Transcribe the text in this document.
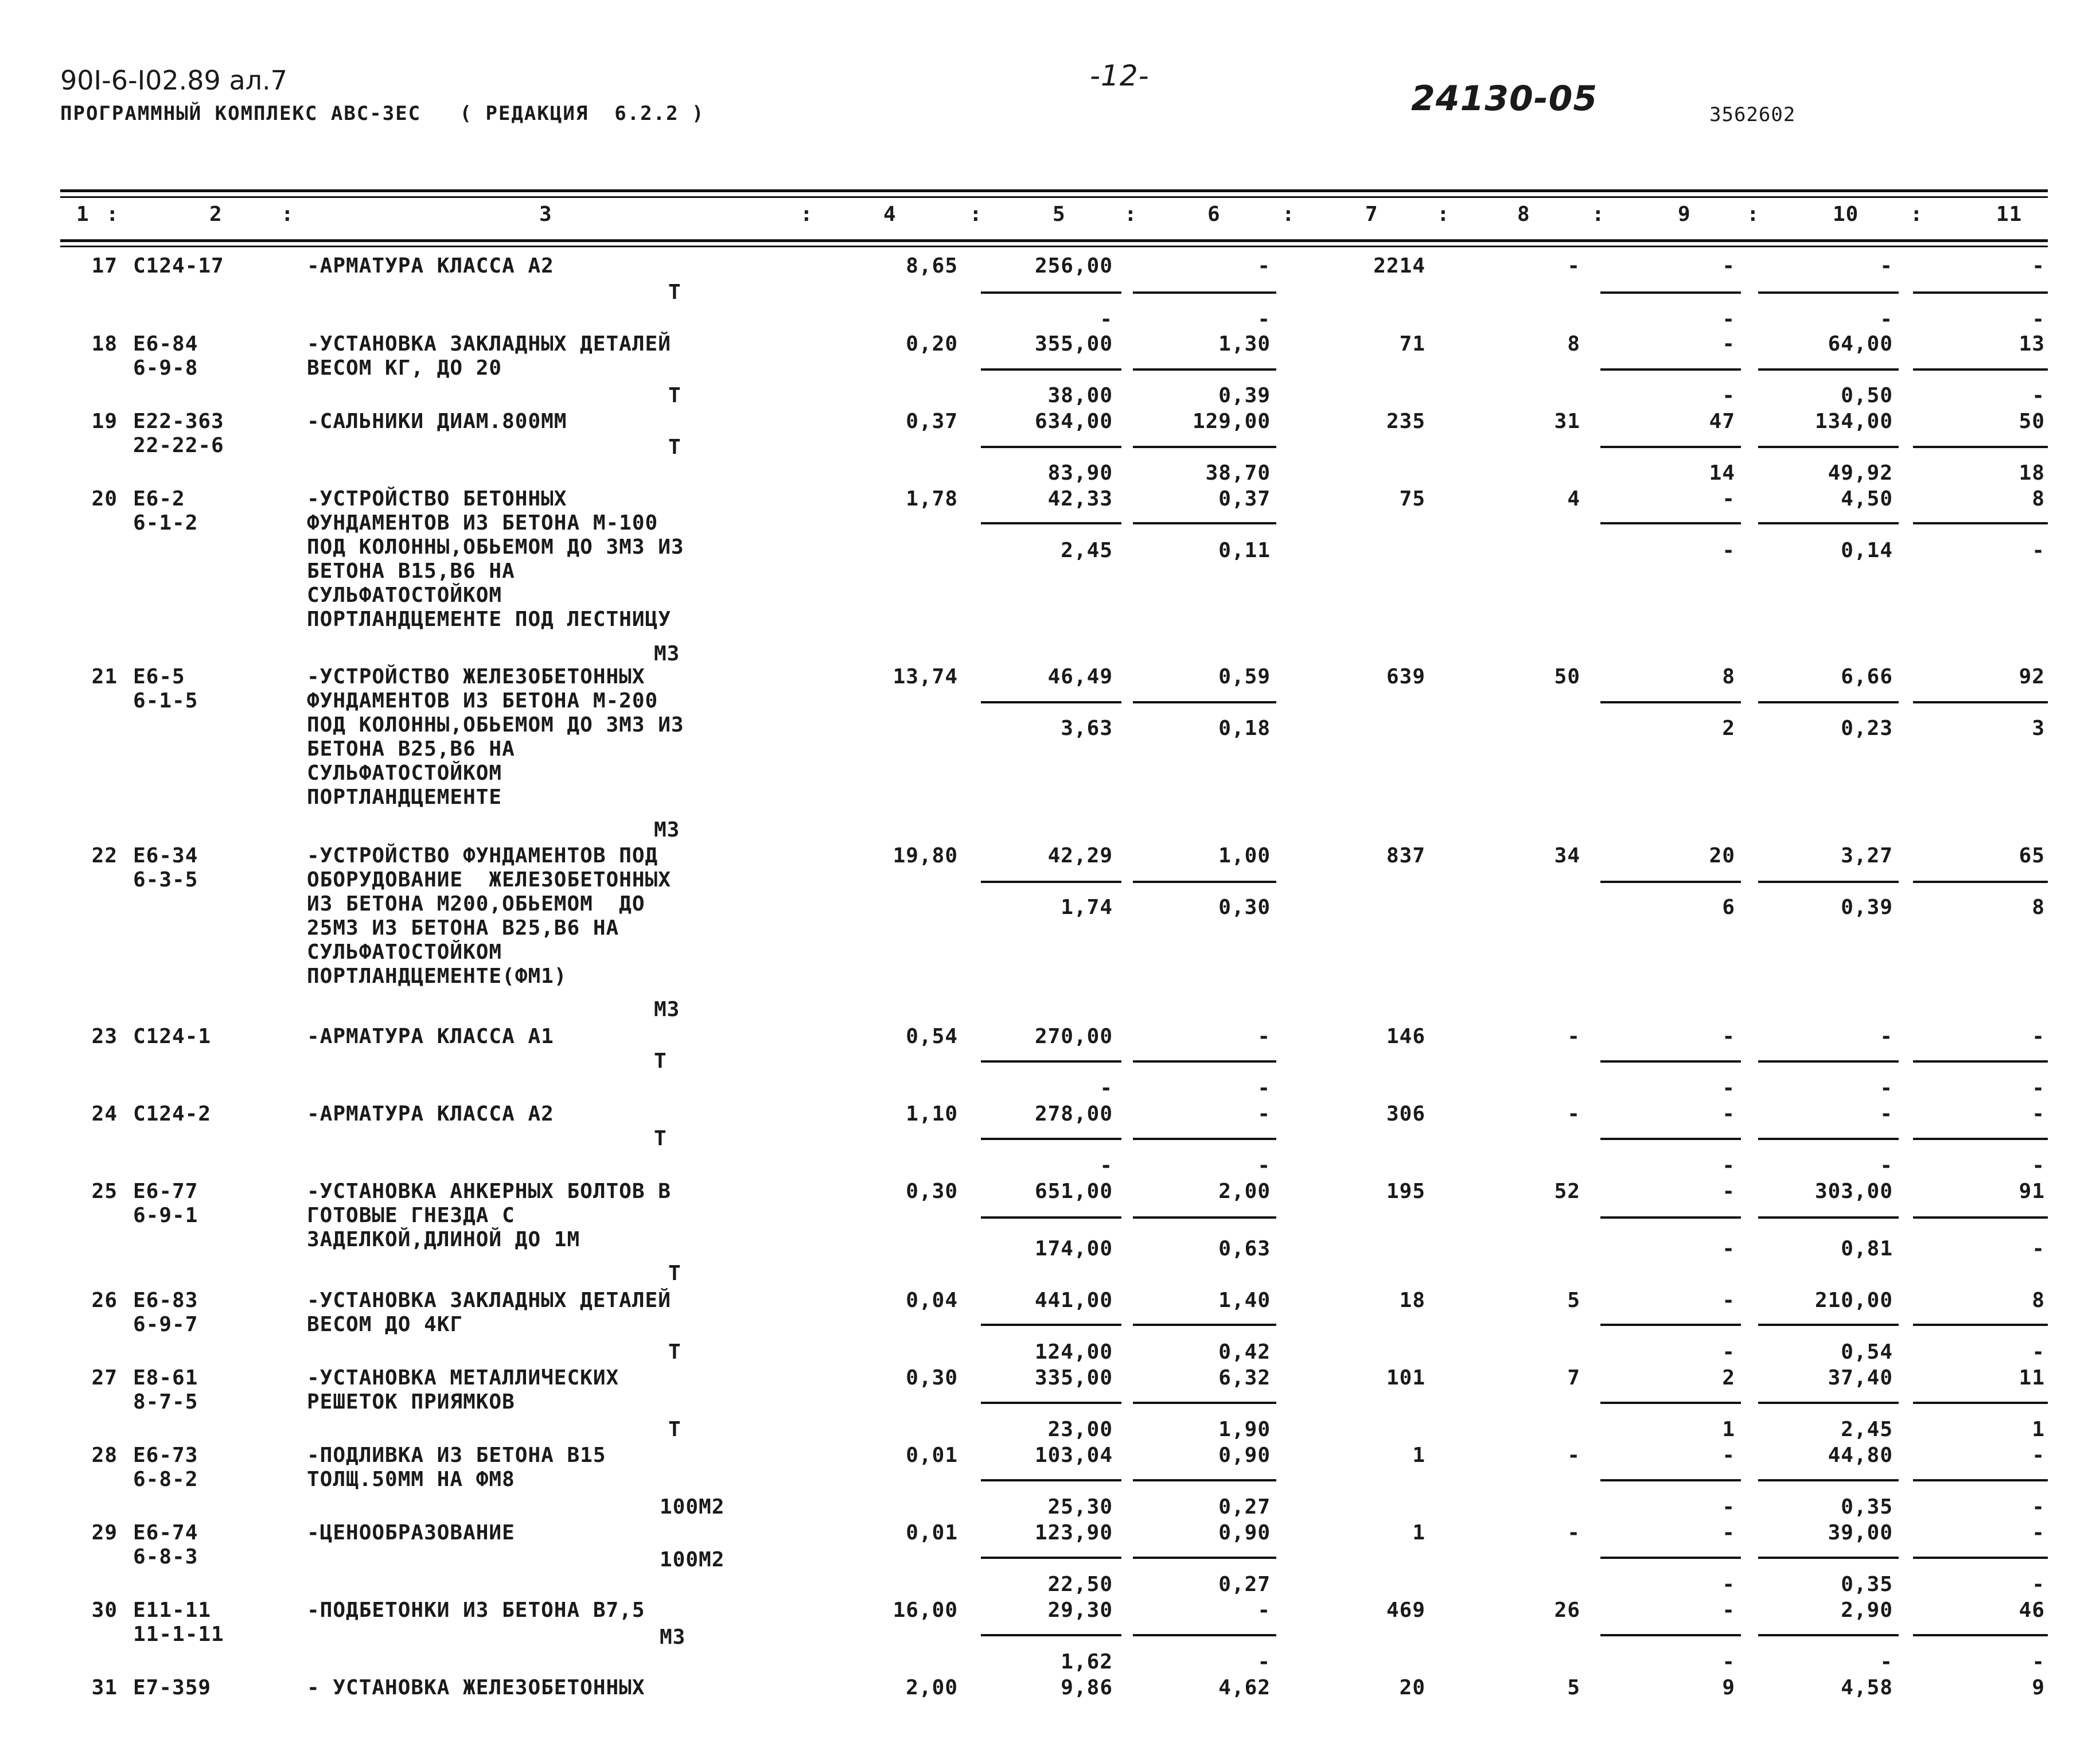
90I-6-I02.89 ал.7
ПРОГРАММНЫЙ КОМПЛЕКС АВС-3ЕС   ( РЕДАКЦИЯ  6.2.2 )
-12-
24130-05	3562602
1	2	3	4	5	6	7	8	9	10	11
:	:	:	:	:	:	:	:	:	:
17 С124-17	-АРМАТУРА КЛАССА А2
Т
8,65	256,00	-	2214	-	-	-	-
-	-	-	-	-
18 Е6-84
6-9-8
-УСТАНОВКА ЗАКЛАДНЫХ ДЕТАЛЕЙ
ВЕСОМ КГ, ДО 20
Т
0,20	355,00	1,30	71	8	-	64,00	13
38,00	0,39	-	0,50	-
19 Е22-363
22-22-6
-САЛЬНИКИ ДИАМ.800ММ
Т
0,37	634,00	129,00	235	31	47	134,00	50
83,90	38,70	14	49,92	18
20 Е6-2
6-1-2
-УСТРОЙСТВО БЕТОННЫХ
ФУНДАМЕНТОВ ИЗ БЕТОНА М-100
ПОД КОЛОННЫ,ОБЬЕМОМ ДО 3М3 ИЗ
БЕТОНА В15,В6 НА
СУЛЬФАТОСТОЙКОМ
ПОРТЛАНДЦЕМЕНТЕ ПОД ЛЕСТНИЦУ
М3
1,78	42,33	0,37	75	4	-	4,50	8
2,45	0,11	-	0,14	-
21 Е6-5
6-1-5
-УСТРОЙСТВО ЖЕЛЕЗОБЕТОННЫХ
ФУНДАМЕНТОВ ИЗ БЕТОНА М-200
ПОД КОЛОННЫ,ОБЬЕМОМ ДО 3М3 ИЗ
БЕТОНА В25,В6 НА
СУЛЬФАТОСТОЙКОМ
ПОРТЛАНДЦЕМЕНТЕ
М3
13,74	46,49	0,59	639	50	8	6,66	92
3,63	0,18	2	0,23	3
22 Е6-34
6-3-5
-УСТРОЙСТВО ФУНДАМЕНТОВ ПОД
ОБОРУДОВАНИЕ  ЖЕЛЕЗОБЕТОННЫХ
ИЗ БЕТОНА М200,ОБЬЕМОМ  ДО
25М3 ИЗ БЕТОНА В25,В6 НА
СУЛЬФАТОСТОЙКОМ
ПОРТЛАНДЦЕМЕНТЕ(ФМ1)
М3
19,80	42,29	1,00	837	34	20	3,27	65
1,74	0,30	6	0,39	8
23 С124-1	-АРМАТУРА КЛАССА А1
Т
0,54	270,00	-	146	-	-	-	-
-	-	-	-	-
24 С124-2	-АРМАТУРА КЛАССА А2
Т
1,10	278,00	-	306	-	-	-	-
-	-	-	-	-
25 Е6-77
6-9-1
-УСТАНОВКА АНКЕРНЫХ БОЛТОВ В
ГОТОВЫЕ ГНЕЗДА С
ЗАДЕЛКОЙ,ДЛИНОЙ ДО 1М
Т
0,30	651,00	2,00	195	52	-	303,00	91
174,00	0,63	-	0,81	-
26 Е6-83
6-9-7
-УСТАНОВКА ЗАКЛАДНЫХ ДЕТАЛЕЙ
ВЕСОМ ДО 4КГ
Т
0,04	441,00	1,40	18	5	-	210,00	8
124,00	0,42	-	0,54	-
27 Е8-61
8-7-5
-УСТАНОВКА МЕТАЛЛИЧЕСКИХ
РЕШЕТОК ПРИЯМКОВ
Т
0,30	335,00	6,32	101	7	2	37,40	11
23,00	1,90	1	2,45	1
28 Е6-73
6-8-2
-ПОДЛИВКА ИЗ БЕТОНА В15
ТОЛЩ.50ММ НА ФМ8
100М2
0,01	103,04	0,90	1	-	-	44,80	-
25,30	0,27	-	0,35	-
29 Е6-74
6-8-3
-ЦЕНООБРАЗОВАНИЕ
100М2
0,01	123,90	0,90	1	-	-	39,00	-
22,50	0,27	-	0,35	-
30 Е11-11
11-1-11
-ПОДБЕТОНКИ ИЗ БЕТОНА В7,5
М3
16,00	29,30	-	469	26	-	2,90	46
1,62	-	-	-	-
31 Е7-359	- УСТАНОВКА ЖЕЛЕЗОБЕТОННЫХ	2,00	9,86	4,62	20	5	9	4,58	9
